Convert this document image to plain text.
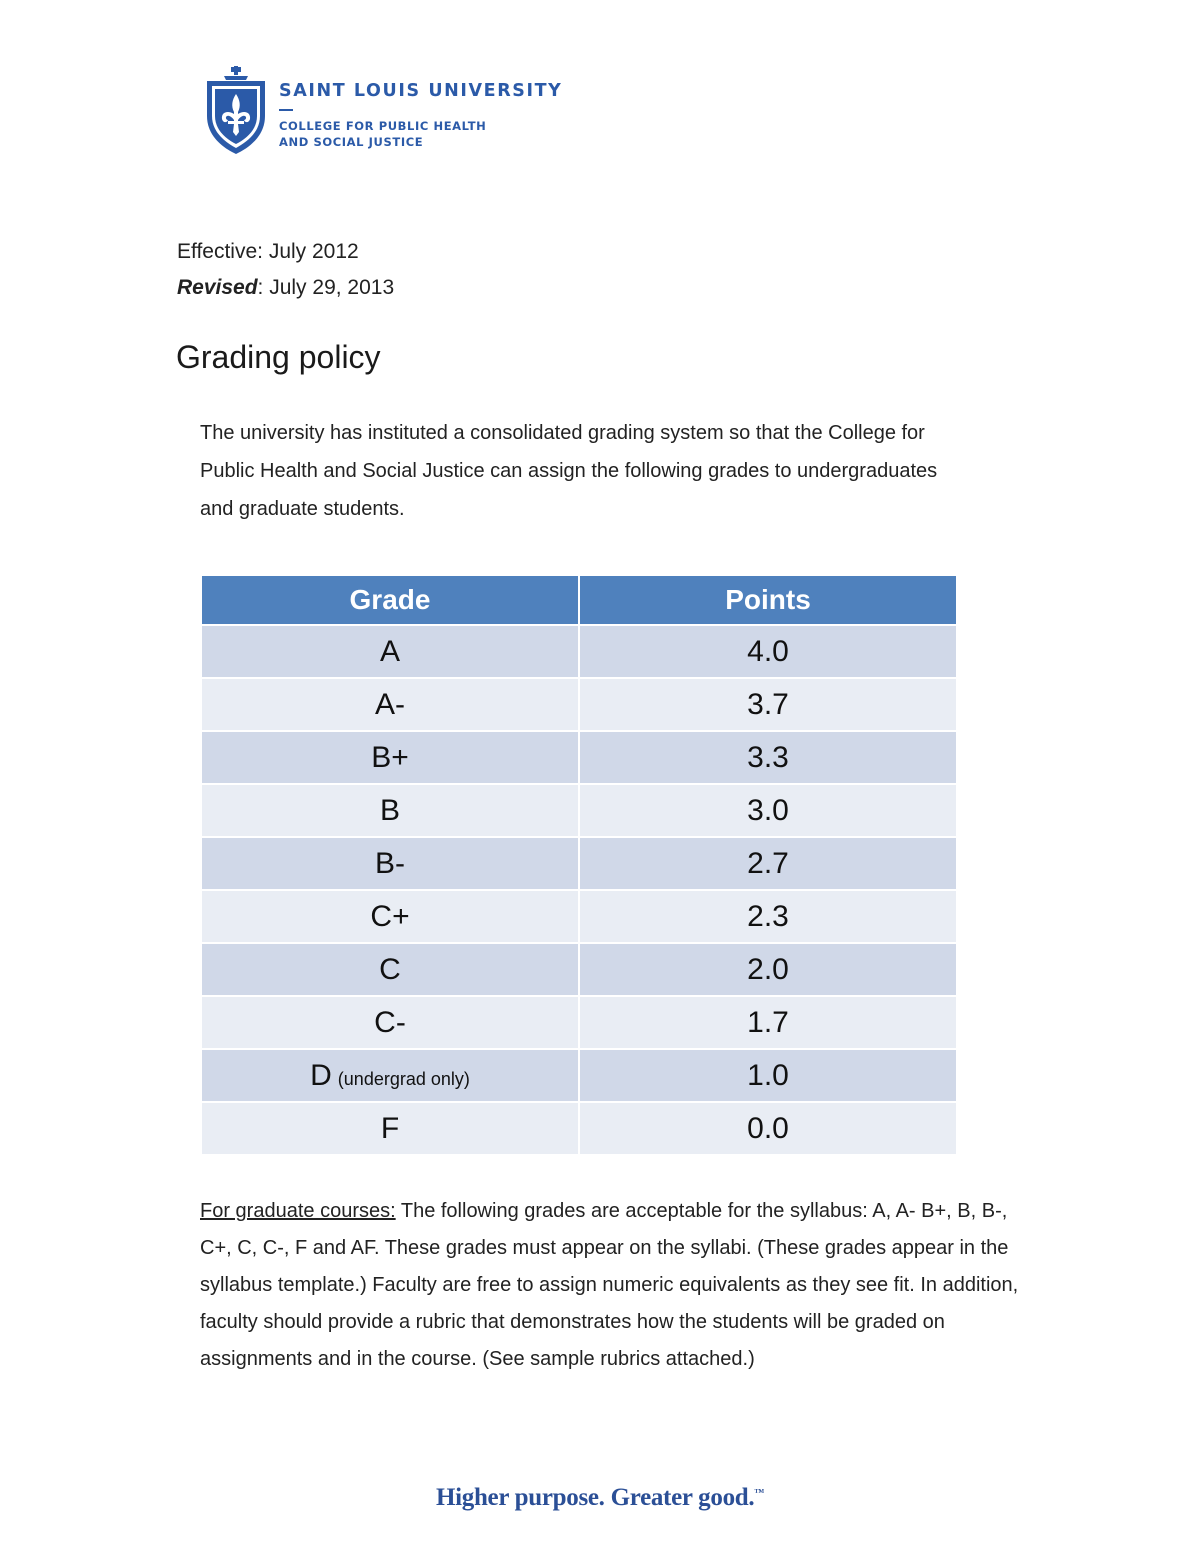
SAINT LOUIS UNIVERSITY
COLLEGE FOR PUBLIC HEALTH
AND SOCIAL JUSTICE
Effective: July 2012
Revised: July 29, 2013
Grading policy

The university has instituted a consolidated grading system so that the College for Public Health and Social Justice can assign the following grades to undergraduates and graduate students.

Grade	Points
A	4.0
A-	3.7
B+	3.3
B	3.0
B-	2.7
C+	2.3
C	2.0
C-	1.7
D (undergrad only)	1.0
F	0.0

For graduate courses: The following grades are acceptable for the syllabus: A, A- B+, B, B-, C+, C, C-, F and AF. These grades must appear on the syllabi. (These grades appear in the syllabus template.) Faculty are free to assign numeric equivalents as they see fit. In addition, faculty should provide a rubric that demonstrates how the students will be graded on assignments and in the course. (See sample rubrics attached.)

Higher purpose. Greater good.™
